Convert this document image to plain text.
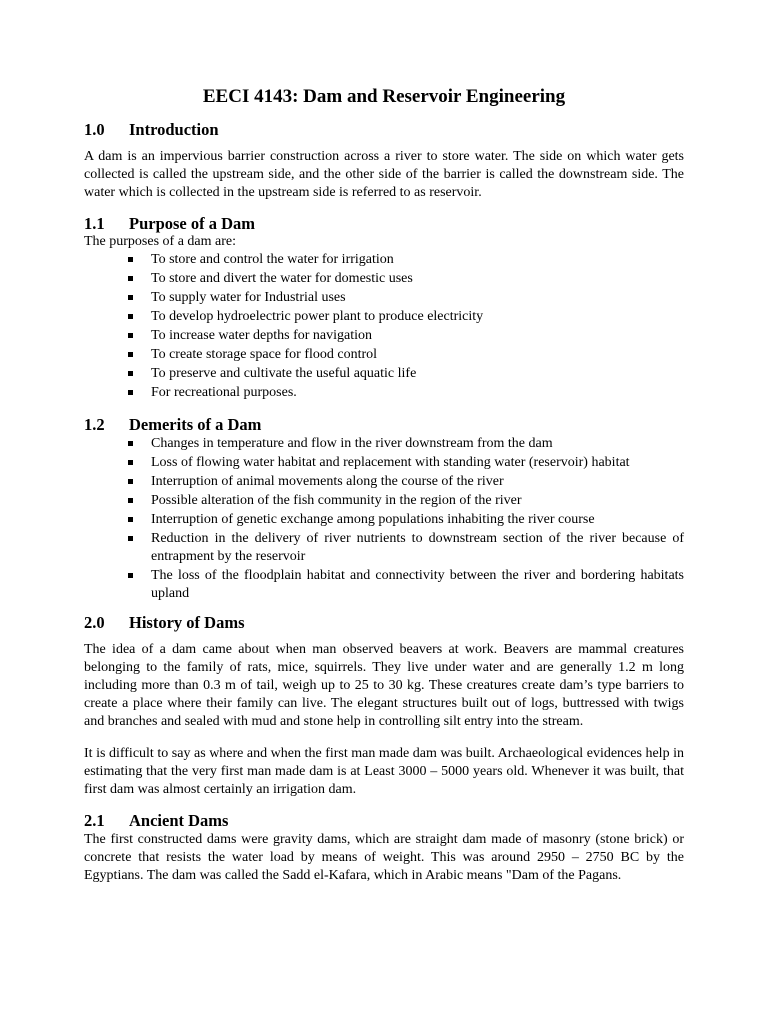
EECI 4143: Dam and Reservoir Engineering
1.0	Introduction

A dam is an impervious barrier construction across a river to store water. The side on which water gets collected is called the upstream side, and the other side of the barrier is called the downstream side. The water which is collected in the upstream side is referred to as reservoir.

1.1	Purpose of a Dam

The purposes of a dam are:

To store and control the water for irrigation
To store and divert the water for domestic uses
To supply water for Industrial uses
To develop hydroelectric power plant to produce electricity
To increase water depths for navigation
To create storage space for flood control
To preserve and cultivate the useful aquatic life
For recreational purposes.
1.2	Demerits of a Dam
Changes in temperature and flow in the river downstream from the dam
Loss of flowing water habitat and replacement with standing water (reservoir) habitat
Interruption of animal movements along the course of the river
Possible alteration of the fish community in the region of the river
Interruption of genetic exchange among populations inhabiting the river course
Reduction in the delivery of river nutrients to downstream section of the river because of entrapment by the reservoir
The loss of the floodplain habitat and connectivity between the river and bordering habitats upland
2.0	History of Dams

The idea of a dam came about when man observed beavers at work. Beavers are mammal creatures belonging to the family of rats, mice, squirrels. They live under water and are generally 1.2 m long including more than 0.3 m of tail, weigh up to 25 to 30 kg. These creatures create dam’s type barriers to create a place where their family can live. The elegant structures built out of logs, buttressed with twigs and branches and sealed with mud and stone help in controlling silt entry into the stream.

It is difficult to say as where and when the first man made dam was built. Archaeological evidences help in estimating that the very first man made dam is at Least 3000 – 5000 years old. Whenever it was built, that first dam was almost certainly an irrigation dam.

2.1	Ancient Dams

The first constructed dams were gravity dams, which are straight dam made of masonry (stone brick) or concrete that resists the water load by means of weight. This was around 2950 – 2750 BC by the Egyptians. The dam was called the Sadd el-Kafara, which in Arabic means "Dam of the Pagans.
